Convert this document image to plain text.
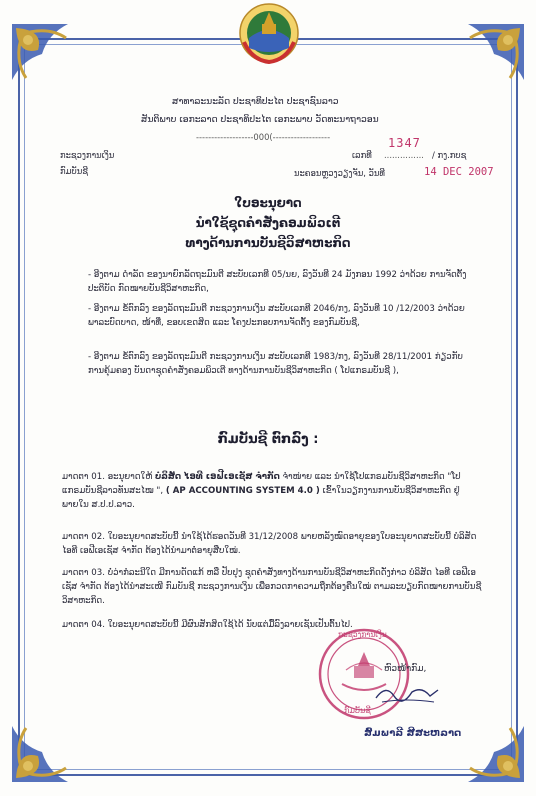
ສາທາລະນະລັດ ປະຊາທິປະໄຕ ປະຊາຊົນລາວ
ສັນຕິພາບ ເອກະລາດ ປະຊາທິປະໄຕ ເອກະພາບ ວັດທະນາຖາວອນ
-------------------000(-------------------
ກະຊວງການເງິນ
ກົມບັນຊີ
ເລກທີ ............... / ກງ.ກບຊ
1347
ນະຄອນຫຼວງວຽງຈັນ, ວັນທີ	14 DEC 2007
ໃບອະນຸຍາດ
ນຳໃຊ້ຊຸດຄຳສັ່ງຄອມພິວເຕີ
ທາງດ້ານການບັນຊີວິສາຫະກິດ
- ອີງຕາມ ດຳລັດ ຂອງນາຍົກລັດຖະມົນຕີ ສະບັບເລກທີ 05/ນຍ, ລົງວັນທີ 24 ມັງກອນ 1992 ວ່າດ້ວຍ ການຈັດຕັ້ງປະຕິບັດ ກົດໝາຍບັນຊີວິສາຫະກິດ,
- ອີງຕາມ ຂໍ້ຕົກລົງ ຂອງລັດຖະມົນຕີ ກະຊວງການເງິນ ສະບັບເລກທີ 2046/ກງ, ລົງວັນທີ 10 /12/2003 ວ່າດ້ວຍ ພາລະບົດບາດ, ໜ້າທີ່, ຂອບເຂດສິດ ແລະ ໂຄງປະກອບການຈັດຕັ້ງ ຂອງກົມບັນຊີ,
- ອີງຕາມ ຂໍ້ຕົກລົງ ຂອງລັດຖະມົນຕີ ກະຊວງການເງິນ ສະບັບເລກທີ 1983/ກງ, ລົງວັນທີ 28/11/2001 ກ່ຽວກັບການຄຸ້ມຄອງ ບັນດາຊຸດຄຳສັ່ງຄອມພິວເຕີ ທາງດ້ານການບັນຊີວິສາຫະກິດ ( ໂປແກຣມບັນຊີ ),
ກົມບັນຊີ ຕົກລົງ :
ມາດຕາ 01. ອະນຸຍາດໃຫ້ ບໍລິສັດ ໄອທີ ເອຟີເອເຊັສ ຈຳກັດ ຈຳໜ່າຍ ແລະ ນຳໃຊ້ໂປແກຣມບັນຊີວິສາຫະກິດ "ໂປແກຣມບັນຊີລາວທັນສະໄໝ ", ( AP ACCOUNTING SYSTEM 4.0 ) ເຂົ້າໃນວຽກງານການບັນຊີວິສາຫະກິດ ຢູ່ພາຍໃນ ສ.ປ.ປ.ລາວ.
ມາດຕາ 02. ໃບອະນຸຍາດສະບັບນີ້ ນຳໃຊ້ໄດ້ຮອດວັນທີ 31/12/2008 ພາຍຫລັງໝົດອາຍຸຂອງໃບອະນຸຍາດສະບັບນີ້ ບໍລິສັດ ໄອທີ ເອຟີເອເຊັສ ຈຳກັດ ຕ້ອງໄດ້ນຳມາຕໍ່ອາຍຸສືບໃໝ່.
ມາດຕາ 03. ບໍ່ວ່າກໍລະນີໃດ ມີການດັດແກ້ ຫລື ປັບປຸງ ຊຸດຄຳສັ່ງທາງດ້ານການບັນຊີວິສາຫະກິດດັ່ງກ່າວ ບໍລິສັດ ໄອທີ ເອຟີເອເຊັສ ຈຳກັດ ຕ້ອງໄດ້ນຳສະເໜີ ກົມບັນຊີ ກະຊວງການເງິນ ເພື່ອກວດກາຄວາມຖືກຕ້ອງຄືນໃໝ່ ຕາມລະບຽບກົດໝາຍການບັນຊີວິສາຫະກິດ.
ມາດຕາ 04. ໃບອະນຸຍາດສະບັບນີ້ ມີຜົນສັກສິດໃຊ້ໄດ້ ນັບແຕ່ມື້ລົງລາຍເຊັນເປັນຕົ້ນໄປ.
ກະຊວງການເງິນ
ກົມບັນຊີ
ຫົວໜ້າກົມ,
ສົມພາລີ ສີສະຫລາດ
